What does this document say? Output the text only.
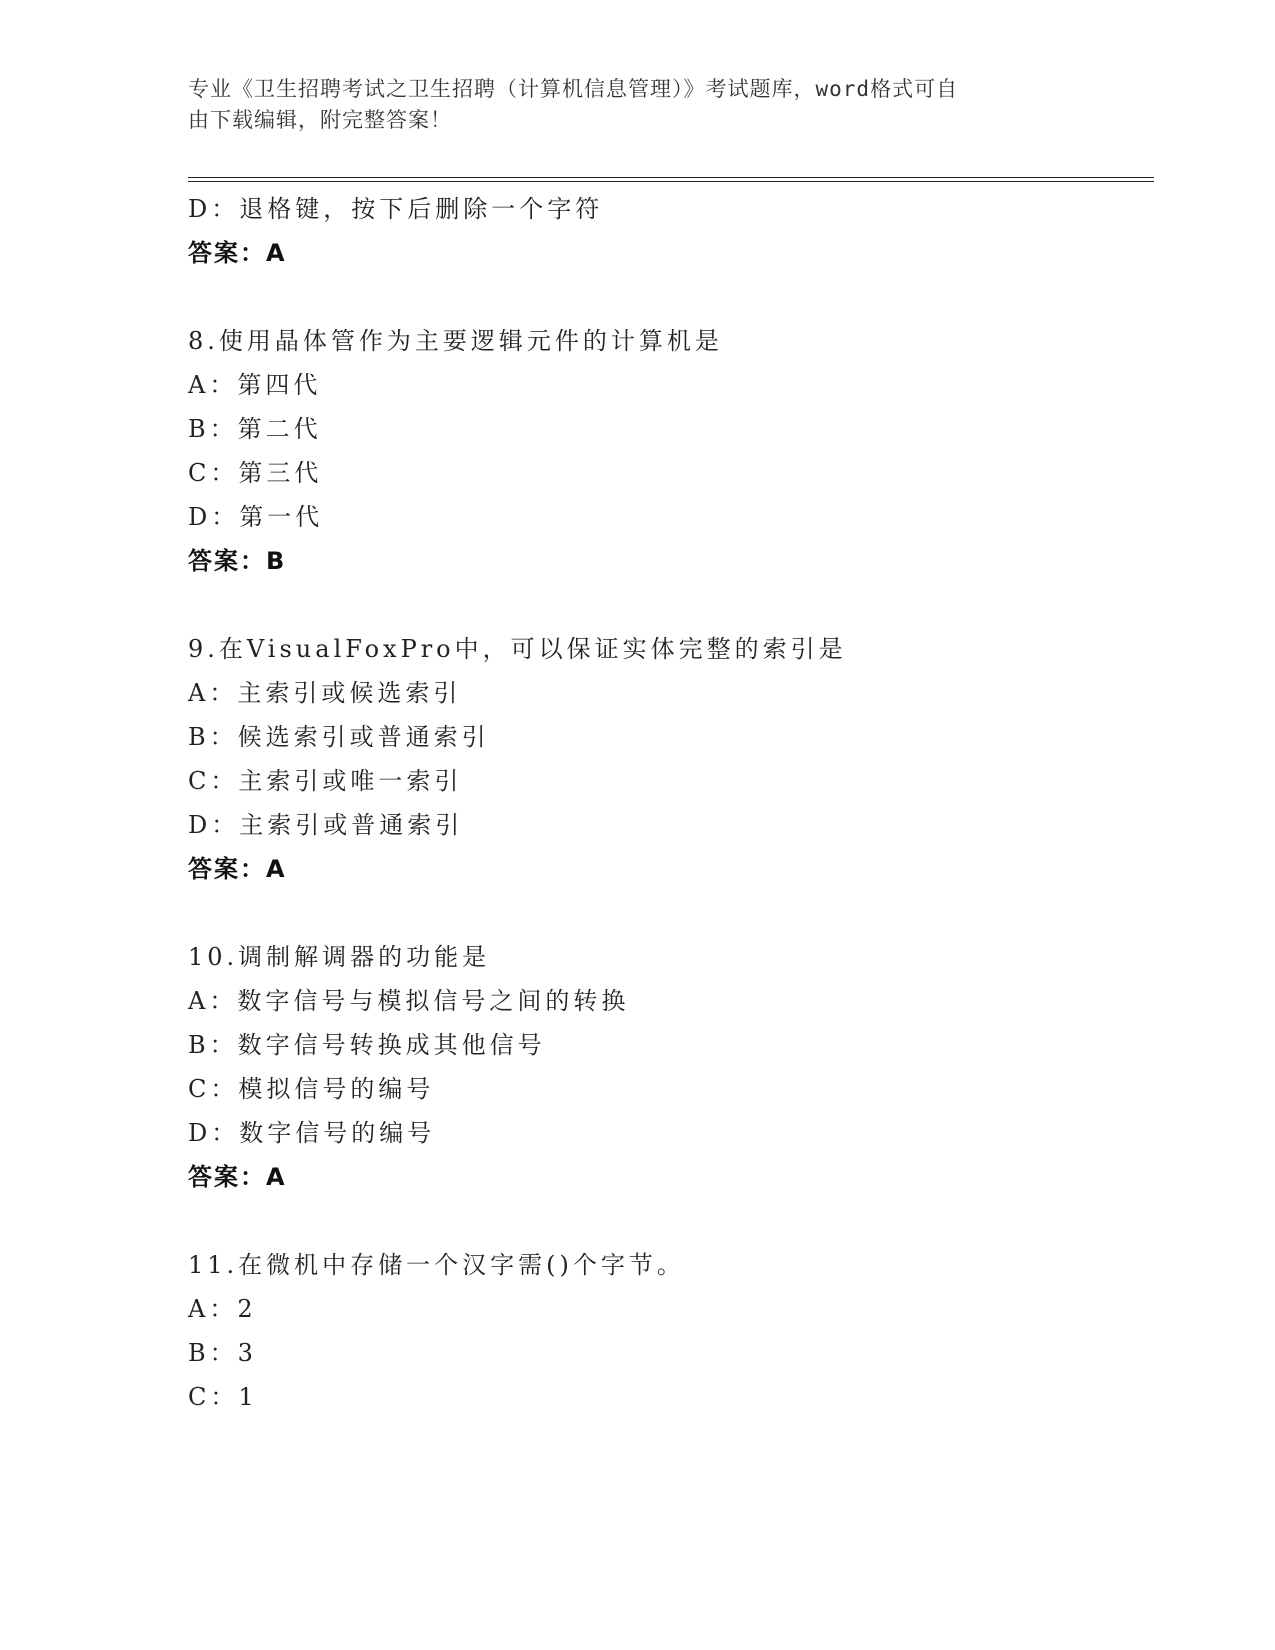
专业《卫生招聘考试之卫生招聘（计算机信息管理）》考试题库，word格式可自
由下载编辑，附完整答案！
D：退格键，按下后删除一个字符
答案：A
8.使用晶体管作为主要逻辑元件的计算机是
A：第四代
B：第二代
C：第三代
D：第一代
答案：B
9.在VisualFoxPro中，可以保证实体完整的索引是
A：主索引或候选索引
B：候选索引或普通索引
C：主索引或唯一索引
D：主索引或普通索引
答案：A
10.调制解调器的功能是
A：数字信号与模拟信号之间的转换
B：数字信号转换成其他信号
C：模拟信号的编号
D：数字信号的编号
答案：A
11.在微机中存储一个汉字需()个字节。
A：2
B：3
C：1
